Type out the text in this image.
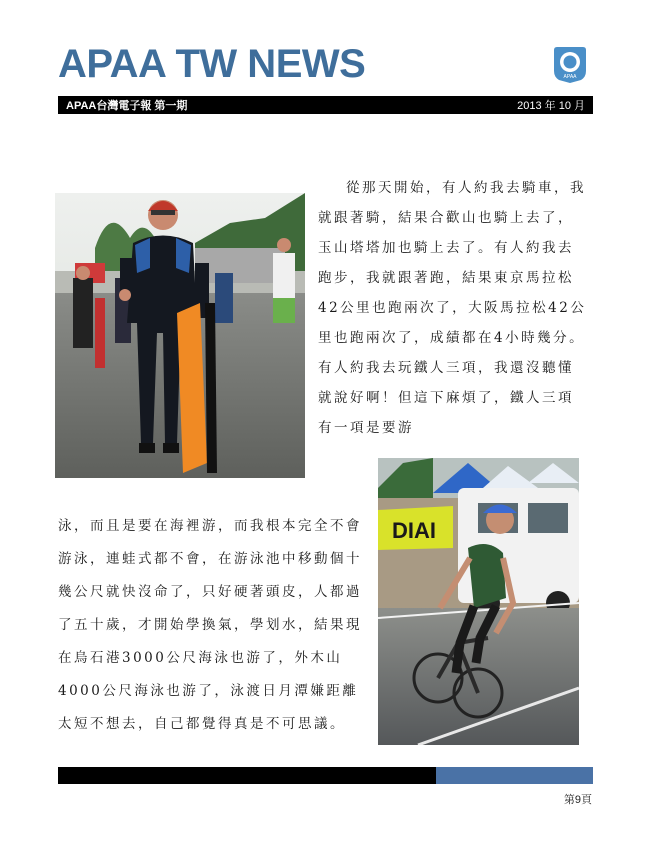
APAA TW NEWS	APAA
APAA台灣電子報 第一期	2013 年 10 月

從那天開始，有人約我去騎車，我就跟著騎，結果合歡山也騎上去了，玉山塔塔加也騎上去了。有人約我去跑步，我就跟著跑，結果東京馬拉松42公里也跑兩次了，大阪馬拉松42公里也跑兩次了，成績都在4小時幾分。有人約我去玩鐵人三項，我還沒聽懂就說好啊！但這下麻煩了，鐵人三項有一項是要游

泳，而且是要在海裡游，而我根本完全不會游泳，連蛙式都不會，在游泳池中移動個十幾公尺就快沒命了，只好硬著頭皮，人都過了五十歲，才開始學換氣，學划水，結果現在烏石港3000公尺海泳也游了，外木山4000公尺海泳也游了，泳渡日月潭嫌距離太短不想去，自己都覺得真是不可思議。

DIAI
第9頁
